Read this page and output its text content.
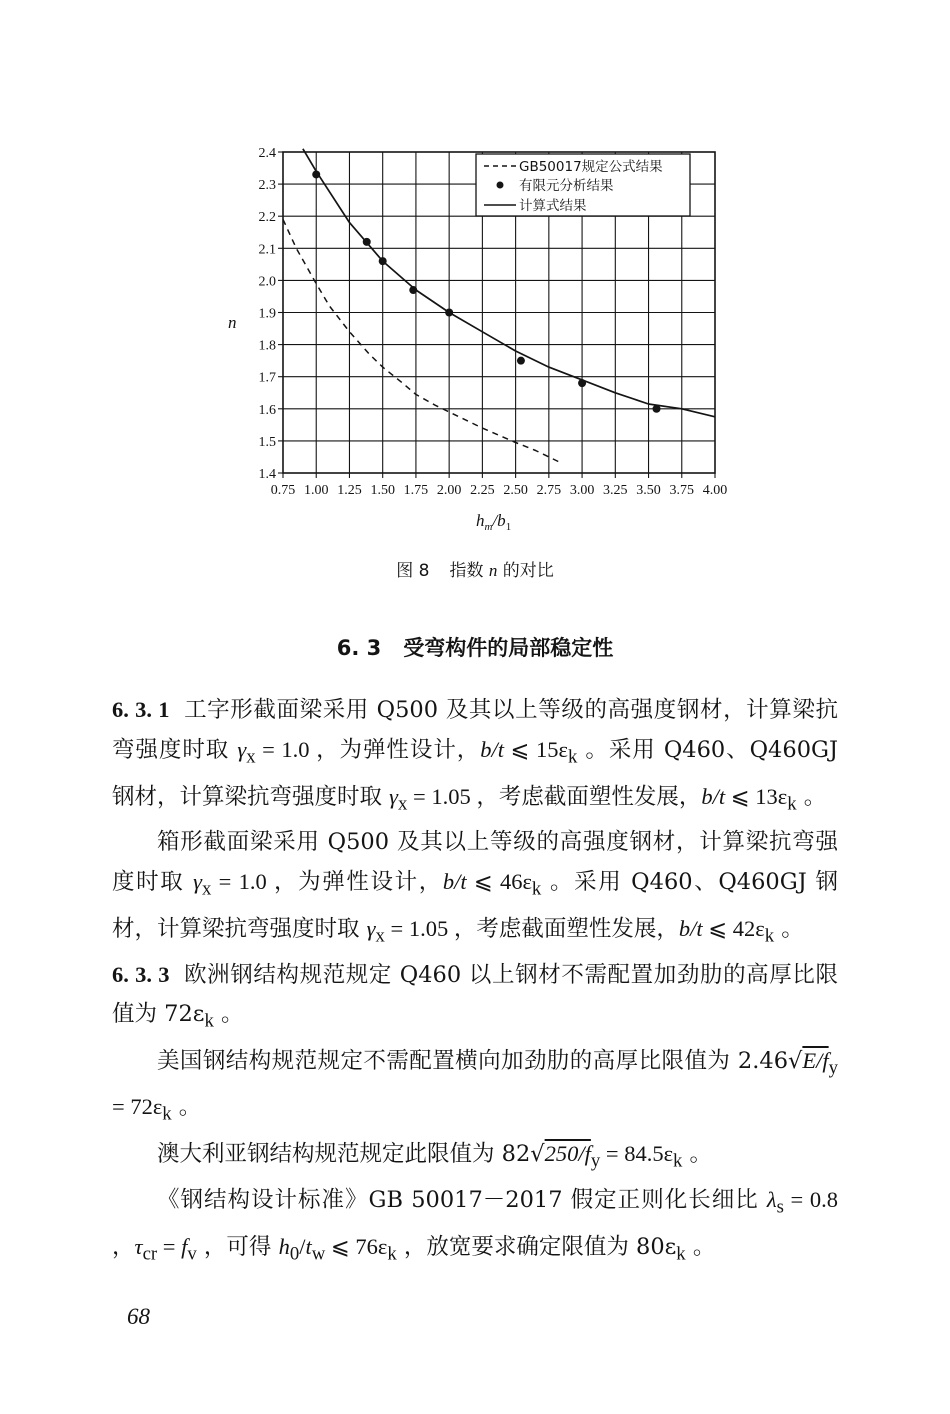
0.75 1.00 1.25 1.50 1.75 2.00 2.25 2.50 2.75 3.00 3.25 3.50 3.75 4.00
1.4
1.5
1.6
1.7
1.8
1.9
2.0
2.1
2.2
2.3
2.4
GB50017规定公式结果
有限元分析结果
计算式结果
n
$h_m/b_1$
图 8 指数 n 的对比
6. 3 受弯构件的局部稳定性

6. 3. 1 工字形截面梁采用 Q500 及其以上等级的高强度钢材，计算梁抗弯强度时取 $\gamma_x = 1.0$ ，为弹性设计，b/t ⩽ $15\varepsilon_k$ 。采用 Q460、Q460GJ 钢材，计算梁抗弯强度时取 $\gamma_x = 1.05$ ，考虑截面塑性发展，b/t ⩽ $13\varepsilon_k$ 。

箱形截面梁采用 Q500 及其以上等级的高强度钢材，计算梁抗弯强度时取 $\gamma_x = 1.0$ ，为弹性设计，b/t ⩽ $46\varepsilon_k$ 。采用 Q460、Q460GJ 钢材，计算梁抗弯强度时取 $\gamma_x = 1.05$ ，考虑截面塑性发展，b/t ⩽ $42\varepsilon_k$ 。

6. 3. 3 欧洲钢结构规范规定 Q460 以上钢材不需配置加劲肋的高厚比限值为 $72\varepsilon_k$ 。

美国钢结构规范规定不需配置横向加劲肋的高厚比限值为 $2.46√E/f_y = 72\varepsilon_k$ 。

澳大利亚钢结构规范规定此限值为 $82√250/f_y = 84.5\varepsilon_k$ 。

《钢结构设计标准》GB 50017－2017 假定正则化长细比 $\lambda_s = 0.8$ ，$\tau_{cr} = f_v$ ，可得 $h_0/t_w$ ⩽ $76\varepsilon_k$ ，放宽要求确定限值为 $80\varepsilon_k$ 。

68
